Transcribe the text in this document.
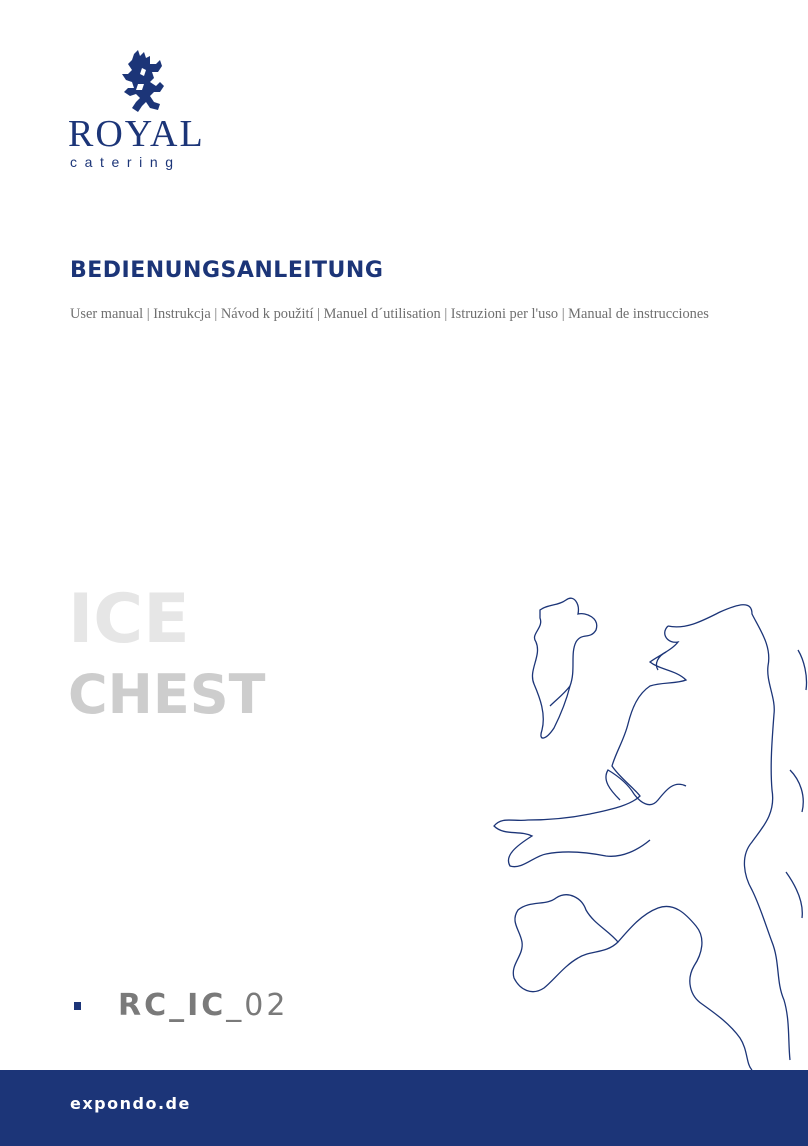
ROYAL
catering
BEDIENUNGSANLEITUNG
User manual | Instrukcja | Návod k použití | Manuel d´utilisation | Istruzioni per l'uso | Manual de instrucciones
ICE
CHEST
RC_IC_02
expondo.de
